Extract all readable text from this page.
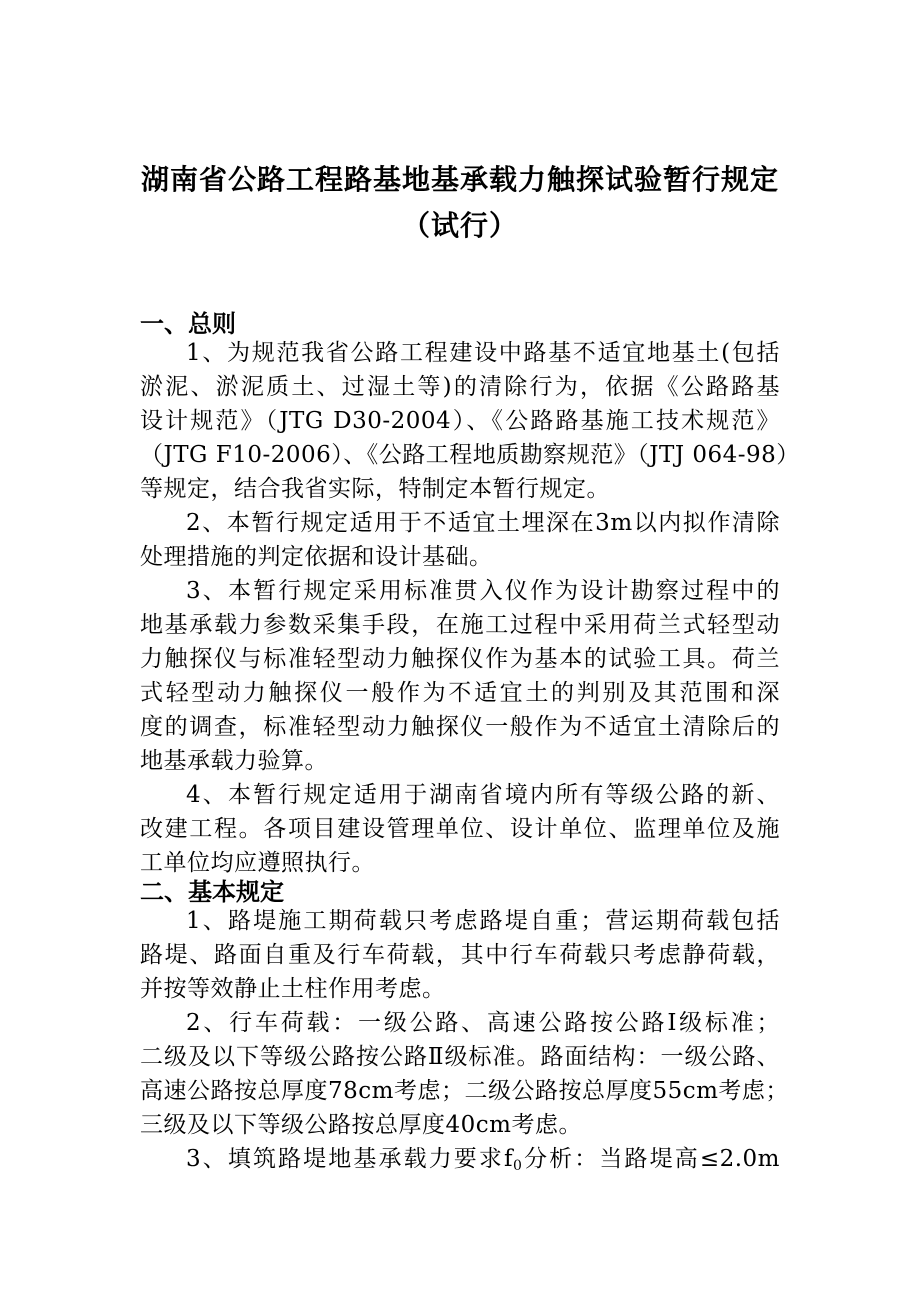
湖南省公路工程路基地基承载力触探试验暂行规定
（试行）
一、总则
1、为规范我省公路工程建设中路基不适宜地基土(包括
淤泥、淤泥质土、过湿土等)的清除行为，依据《公路路基
设计规范》（JTG D30-2004）、《公路路基施工技术规范》
（JTG F10-2006）、《公路工程地质勘察规范》（JTJ 064-98）
等规定，结合我省实际，特制定本暂行规定。
2、本暂行规定适用于不适宜土埋深在3m以内拟作清除
处理措施的判定依据和设计基础。
3、本暂行规定采用标准贯入仪作为设计勘察过程中的
地基承载力参数采集手段，在施工过程中采用荷兰式轻型动
力触探仪与标准轻型动力触探仪作为基本的试验工具。荷兰
式轻型动力触探仪一般作为不适宜土的判别及其范围和深
度的调查，标准轻型动力触探仪一般作为不适宜土清除后的
地基承载力验算。
4、本暂行规定适用于湖南省境内所有等级公路的新、
改建工程。各项目建设管理单位、设计单位、监理单位及施
工单位均应遵照执行。
二、基本规定
1、路堤施工期荷载只考虑路堤自重；营运期荷载包括
路堤、路面自重及行车荷载，其中行车荷载只考虑静荷载，
并按等效静止土柱作用考虑。
2、行车荷载：一级公路、高速公路按公路Ⅰ级标准；
二级及以下等级公路按公路Ⅱ级标准。路面结构：一级公路、
高速公路按总厚度78cm考虑；二级公路按总厚度55cm考虑；
三级及以下等级公路按总厚度40cm考虑。
3、填筑路堤地基承载力要求$f_0$分析：当路堤高≤2.0m
